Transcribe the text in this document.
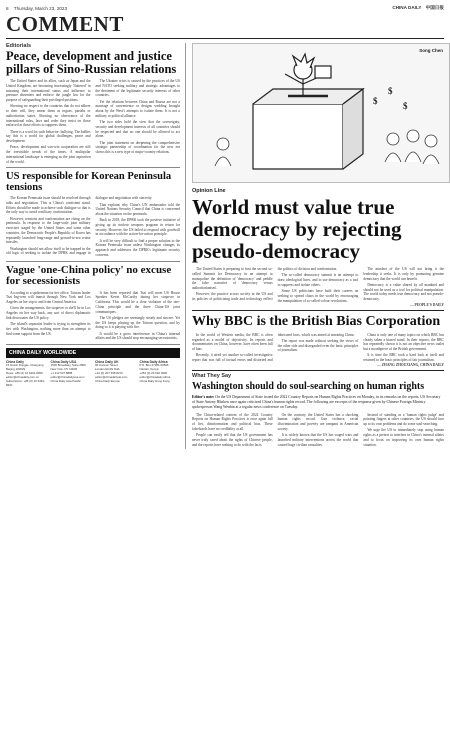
8 Thursday, March 23, 2023	CHINA DAILY 中国日报
COMMENT
Editorials
Peace, development and justice pillars of Sino-Russian relations

The United States and its allies, such as Japan and the United Kingdom, are becoming increasingly 'fluttered' in misusing their international status and influence to pressure dissenters and enforce the jungle law for the purpose of safeguarding their privileged positions.

Showing no respect to the countries that do not adhere to their will, they smear them as rogues, pariahs or authoritarian states. Showing no observance of the international rules, laws and order they insist on those enforced at those efforts to suppress them.

There is a word for such behavior: bullying. The bullies say this is a world for global challenges, peace and development.

Peace, development and win-win cooperation are still the irresistible trends of the times. A multipolar international landscape is emerging as the joint aspiration of the world.

The Ukraine crisis is caused by the practices of the US and NATO seeking military and strategic advantages to the detriment of the legitimate security interests of other countries.

Yet the relations between China and Russia are not a marriage of convenience or designs wedding brought about by the West's attempts to isolate them. It is not a military or political alliance.

The two sides hold the view that the sovereignty, security and development interests of all countries should be respected and that no one should be allowed to act alone.

The joint statement on deepening the comprehensive strategic partnership of coordination for the new era shows this is a new type of major-country relations.

US responsible for Korean Peninsula tensions

The Korean Peninsula issue should be resolved through talks and negotiation. This is China's consistent stand. Efforts should be made to achieve such dialogue so that is the only way to avoid a military confrontation.

However, tensions and confrontation are rising on the peninsula. In response to the large-scale joint military exercises staged by the United States and some other countries, the Democratic People's Republic of Korea has repeatedly launched long-range and ground-to-sea cruise missiles.

Washington should not allow itself to be trapped in the old logic of seeking to isolate the DPRK and engage in dialogue and negotiation with sincerity.

That explains why China's UN ambassador told the United Nations Security Council that China is concerned about the situation on the peninsula.

Back in 2018, the DPRK took the positive initiative of giving up its nuclear weapons program in return for security. However, the US failed to respond with goodwill in accordance with the action-for-action principle.

It will be very difficult to find a proper solution to the Korean Peninsula issue unless Washington changes its approach and addresses the DPRK's legitimate security concerns.

Vague 'one-China policy' no excuse for secessionists

According to a spokesman for her office, Taiwan leader Tsai Ing-wen will transit through New York and Los Angeles on her trip to and from Central America.

Given the arrangements, the stopover or she'll be in Los Angeles on her way back, any sort of direct diplomatic link dissociates the US policy.

The island's separatist leader is trying to strengthen its ties with Washington, nothing more than an attempt to find some support from the US.

It has been reported that Tsai will meet US House Speaker Kevin McCarthy during her stopover in California. This would be a clear violation of the one-China principle and the three China-US joint communiques.

The US pledges are seemingly steady and sincere. Yet the US keeps playing up the Taiwan question, and by doing so it is playing with fire.

It would be a gross interference in China's internal affairs and the US should stop encouraging secessionists.

CHINA DAILY WORLDWIDE
China Daily
15 Huixin Dongjie, Chaoyang
Beijing 100029
News: +86 (0) 10 6491-8366
editor@chinadaily.com.cn
Subscription: +86 (0) 10 6491-8631
China Daily USA
1500 Broadway, Suite 2800
New York, NY 10036
+1 212 537 8888
editor@chinadailyusa.com
China Daily Asia Pacific
China Daily UK
90 Cannon Street
London EC4N 6HA
+44 (0) 207 398 8270
editor@chinadailyuk.com
China Daily Europe
China Daily Africa
P.O. Box 27281-00506
Nairobi, Kenya
+254 (0) 20 692 0900
editor@chinadaily.africa
China Daily Hong Kong
Song Chen
$
$
$
Opinion Line
World must value true democracy by rejecting pseudo-democracy

The United States is preparing to host the second so-called Summit for Democracy in an attempt to monopolize the definition of 'democracy' and peddle the false narrative of 'democracy versus authoritarianism'.

However, the practice across society in the US and its policies of politicizing trade and technology reflect the politics of division and confrontation.

The so-called democracy summit is an attempt to draw ideological lines, and to use democracy as a tool to suppress and isolate others.

Some US politicians have built their careers on seeking to spread chaos in the world by encouraging the manipulation of so-called colour revolutions.

The mindset of the US will not bring it the leadership it seeks. It is only by promoting genuine democracy that the world can benefit.

Democracy is a value shared by all mankind and should not be used as a tool for political manipulation. The world today needs true democracy and not pseudo-democracy.

— PEOPLE'S DAILY
Why BBC is the British Bias Corporation

In the world of Western media, the BBC is often regarded as a model of objectivity. Its reports and documentaries on China, however, have often been full of bias.

Recently, it aired yet another so-called investigative report that was full of factual errors and distorted and fabricated facts, which was aimed at smearing China.

The report was made without seeking the views of the other side and disregarded even the basic principles of journalism.

China is only one of many topics on which BBC has clearly taken a biased stand. In their reports, the BBC has repeatedly shown it is not an objective news outlet but a mouthpiece of the British government.

It is time the BBC took a hard look at itself and returned to the basic principles of fair journalism.

— ZHANG ZHOUXIANG, CHINA DAILY
What They Say
Washington should do soul-searching on human rights
Editor's note: On the US Department of State issued the 2022 Country Reports on Human Rights Practices on Monday, in its remarks on the reports, US Secretary of State Antony Blinken once again criticized China's human rights record. The following are excerpts of the response given by Chinese Foreign Ministry spokesperson Wang Wenbin at a regular news conference on Tuesday.

The China-related content of the 2022 Country Reports on Human Rights Practices is once again full of lies, disinformation and political bias. These falsehoods have no credibility at all.

People can easily tell that the US government has never truly cared about the rights of Chinese people, and the reports have nothing to do with the facts.

On the contrary, the United States has a shocking human rights record. Gun violence, racial discrimination and poverty are rampant in American society.

It is widely known that the US has waged wars and launched military interventions across the world that caused huge civilian casualties.

Instead of standing as a 'human rights judge' and pointing fingers at other countries, the US should face up to its own problems and do some soul-searching.

We urge the US to immediately stop using human rights as a pretext to interfere in China's internal affairs and to focus on improving its own human rights situation.
